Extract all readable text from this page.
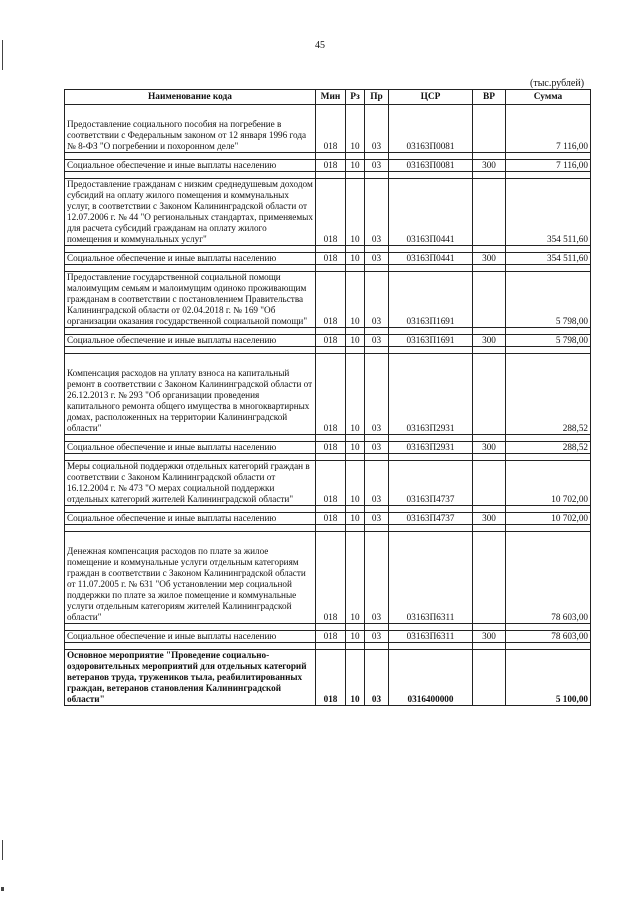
45
(тыс.рублей)
Наименование кода	Мин	Рз	Пр	ЦСР	ВР	Сумма
Предоставление социального пособия на погребение в соответствии с Федеральным законом от 12 января 1996 года № 8-ФЗ "О погребении и похоронном деле"	018	10	03	03163П0081		7 116,00

Социальное обеспечение и иные выплаты населению	018	10	03	03163П0081	300	7 116,00

Предоставление гражданам с низким среднедушевым доходом субсидий на оплату жилого помещения и коммунальных услуг, в соответствии с Законом Калининградской области от 12.07.2006 г. № 44 "О региональных стандартах, применяемых для расчета субсидий гражданам на оплату жилого помещения и коммунальных услуг"	018	10	03	03163П0441		354 511,60

Социальное обеспечение и иные выплаты населению	018	10	03	03163П0441	300	354 511,60

Предоставление государственной социальной помощи малоимущим семьям и малоимущим одиноко проживающим гражданам в соответствии с постановлением Правительства Калининградской области от 02.04.2018 г. № 169 "Об организации оказания государственной социальной помощи"	018	10	03	03163П1691		5 798,00

Социальное обеспечение и иные выплаты населению	018	10	03	03163П1691	300	5 798,00

Компенсация расходов на уплату взноса на капитальный ремонт в соответствии с Законом Калининградской области от 26.12.2013 г. № 293 "Об организации проведения капитального ремонта общего имущества в многоквартирных домах, расположенных на территории Калининградской области"	018	10	03	03163П2931		288,52

Социальное обеспечение и иные выплаты населению	018	10	03	03163П2931	300	288,52

Меры социальной поддержки отдельных категорий граждан в соответствии с Законом Калининградской области от 16.12.2004 г. № 473 "О мерах социальной поддержки отдельных категорий жителей Калининградской области"	018	10	03	03163П4737		10 702,00

Социальное обеспечение и иные выплаты населению	018	10	03	03163П4737	300	10 702,00

Денежная компенсация расходов по плате за жилое помещение и коммунальные услуги отдельным категориям граждан в соответствии с Законом Калининградской области от 11.07.2005 г. № 631 "Об установлении мер социальной поддержки по плате за жилое помещение и коммунальные услуги отдельным категориям жителей Калининградской области"	018	10	03	03163П6311		78 603,00

Социальное обеспечение и иные выплаты населению	018	10	03	03163П6311	300	78 603,00

Основное мероприятие "Проведение социально-оздоровительных мероприятий для отдельных категорий ветеранов труда, тружеников тыла, реабилитированных граждан, ветеранов становления Калининградской области"	018	10	03	0316400000		5 100,00
